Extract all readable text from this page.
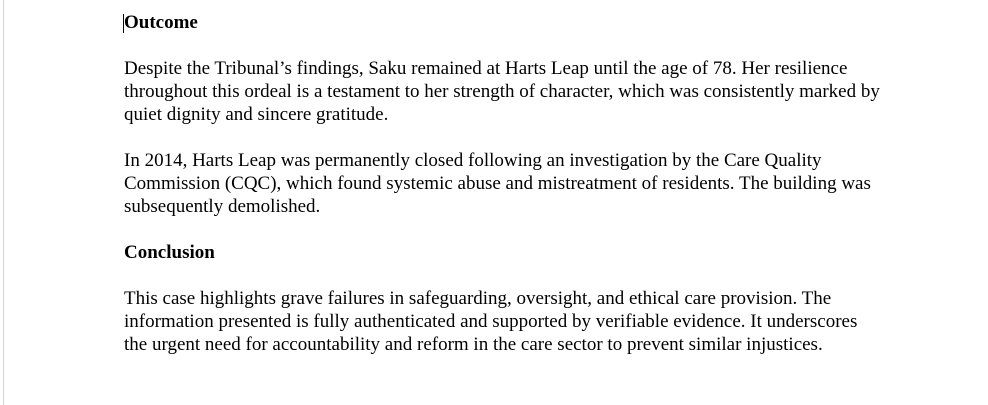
Outcome

Despite the Tribunal’s findings, Saku remained at Harts Leap until the age of 78. Her resilience throughout this ordeal is a testament to her strength of character, which was consistently marked by quiet dignity and sincere gratitude.

In 2014, Harts Leap was permanently closed following an investigation by the Care Quality Commission (CQC), which found systemic abuse and mistreatment of residents. The building was subsequently demolished.

Conclusion

This case highlights grave failures in safeguarding, oversight, and ethical care provision. The information presented is fully authenticated and supported by verifiable evidence. It underscores the urgent need for accountability and reform in the care sector to prevent similar injustices.
